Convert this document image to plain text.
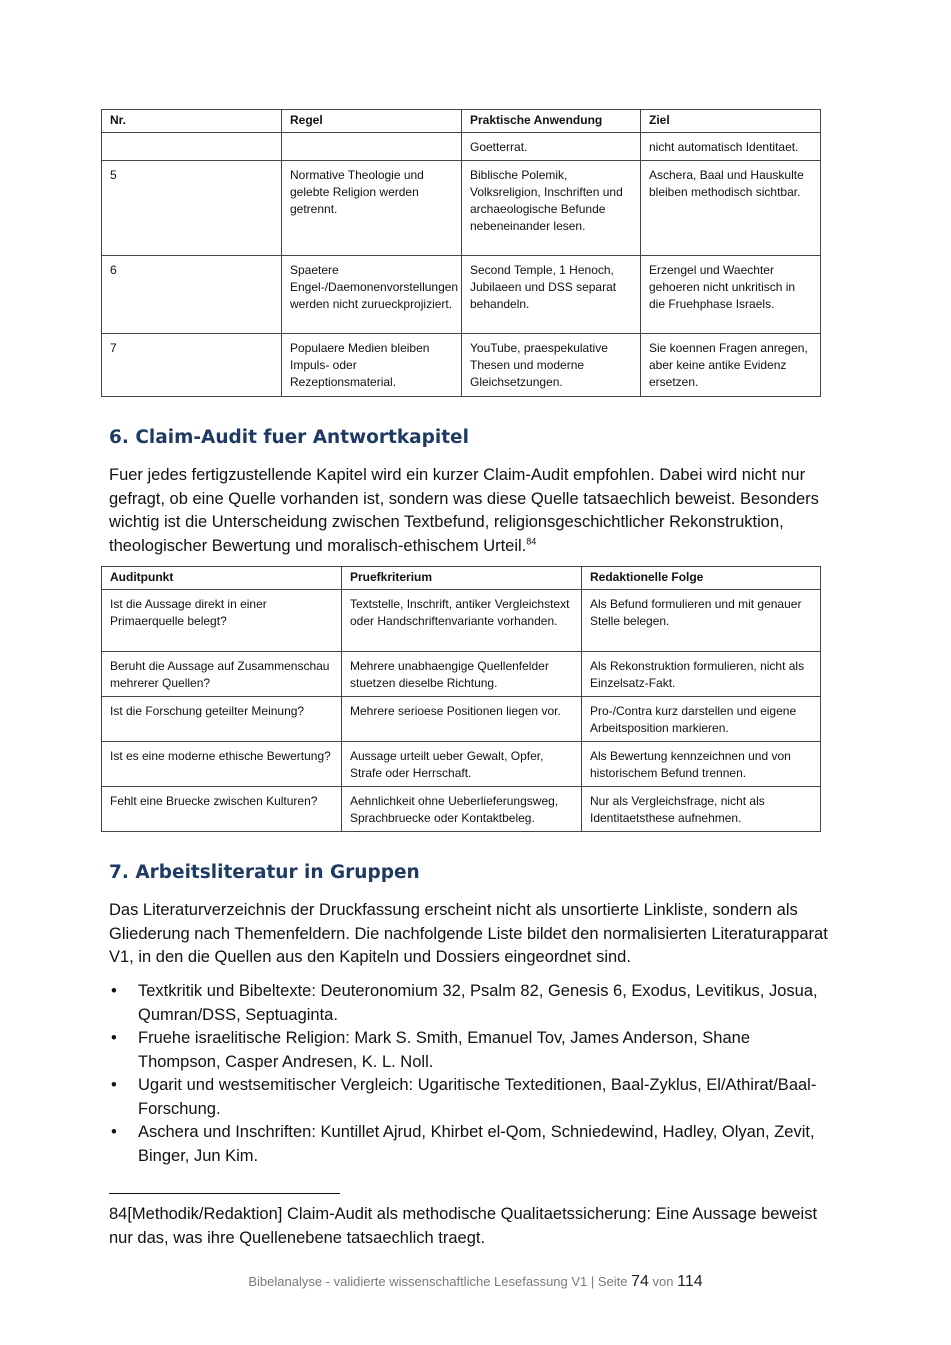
Nr.	Regel	Praktische Anwendung	Ziel
		Goetterrat.	nicht automatisch Identitaet.
5	Normative Theologie und gelebte Religion werden getrennt.	Biblische Polemik, Volksreligion, Inschriften und archaeologische Befunde nebeneinander lesen.	Aschera, Baal und Hauskulte bleiben methodisch sichtbar.
6	Spaetere Engel-/Daemonenvorstellungen werden nicht zurueckprojiziert.	Second Temple, 1 Henoch, Jubilaeen und DSS separat behandeln.	Erzengel und Waechter gehoeren nicht unkritisch in die Fruehphase Israels.
7	Populaere Medien bleiben Impuls- oder Rezeptionsmaterial.	YouTube, praespekulative Thesen und moderne Gleichsetzungen.	Sie koennen Fragen anregen, aber keine antike Evidenz ersetzen.
6. Claim-Audit fuer Antwortkapitel

Fuer jedes fertigzustellende Kapitel wird ein kurzer Claim-Audit empfohlen. Dabei wird nicht nur gefragt, ob eine Quelle vorhanden ist, sondern was diese Quelle tatsaechlich beweist. Besonders wichtig ist die Unterscheidung zwischen Textbefund, religionsgeschichtlicher Rekonstruktion, theologischer Bewertung und moralisch-ethischem Urteil.$^{84}$

Auditpunkt	Pruefkriterium	Redaktionelle Folge
Ist die Aussage direkt in einer Primaerquelle belegt?	Textstelle, Inschrift, antiker Vergleichstext oder Handschriftenvariante vorhanden.	Als Befund formulieren und mit genauer Stelle belegen.
Beruht die Aussage auf Zusammenschau mehrerer Quellen?	Mehrere unabhaengige Quellenfelder stuetzen dieselbe Richtung.	Als Rekonstruktion formulieren, nicht als Einzelsatz-Fakt.
Ist die Forschung geteilter Meinung?	Mehrere serioese Positionen liegen vor.	Pro-/Contra kurz darstellen und eigene Arbeitsposition markieren.
Ist es eine moderne ethische Bewertung?	Aussage urteilt ueber Gewalt, Opfer, Strafe oder Herrschaft.	Als Bewertung kennzeichnen und von historischem Befund trennen.
Fehlt eine Bruecke zwischen Kulturen?	Aehnlichkeit ohne Ueberlieferungsweg, Sprachbruecke oder Kontaktbeleg.	Nur als Vergleichsfrage, nicht als Identitaetsthese aufnehmen.
7. Arbeitsliteratur in Gruppen

Das Literaturverzeichnis der Druckfassung erscheint nicht als unsortierte Linkliste, sondern als Gliederung nach Themenfeldern. Die nachfolgende Liste bildet den normalisierten Literaturapparat V1, in den die Quellen aus den Kapiteln und Dossiers eingeordnet sind.

• Textkritik und Bibeltexte: Deuteronomium 32, Psalm 82, Genesis 6, Exodus, Levitikus, Josua, Qumran/DSS, Septuaginta.
• Fruehe israelitische Religion: Mark S. Smith, Emanuel Tov, James Anderson, Shane Thompson, Casper Andresen, K. L. Noll.
• Ugarit und westsemitischer Vergleich: Ugaritische Texteditionen, Baal-Zyklus, El/Athirat/Baal-Forschung.
• Aschera und Inschriften: Kuntillet Ajrud, Khirbet el-Qom, Schniedewind, Hadley, Olyan, Zevit, Binger, Jun Kim.

84[Methodik/Redaktion] Claim-Audit als methodische Qualitaetssicherung: Eine Aussage beweist nur das, was ihre Quellenebene tatsaechlich traegt.

Bibelanalyse - validierte wissenschaftliche Lesefassung V1 | Seite 74 von 114
